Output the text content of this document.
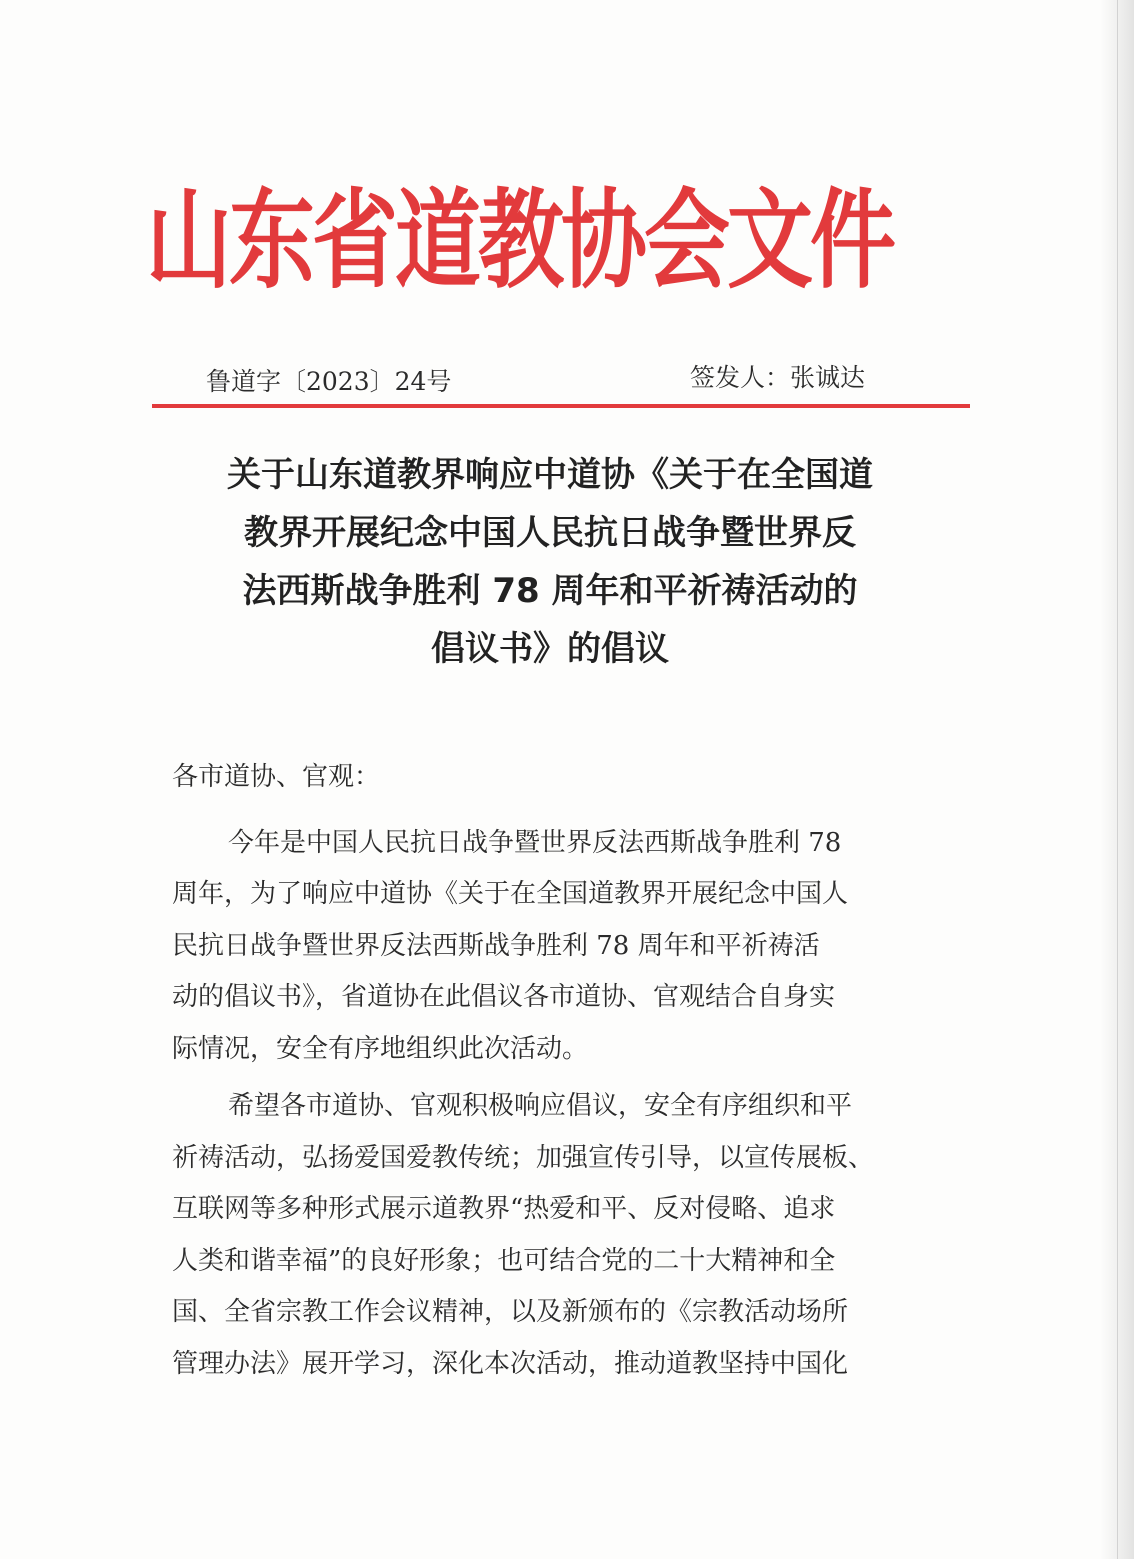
山东省道教协会文件
鲁道字〔2023〕24号	签发人：张诚达
关于山东道教界响应中道协《关于在全国道
教界开展纪念中国人民抗日战争暨世界反
法西斯战争胜利 78 周年和平祈祷活动的
倡议书》的倡议
各市道协、官观：
今年是中国人民抗日战争暨世界反法西斯战争胜利 78
周年，为了响应中道协《关于在全国道教界开展纪念中国人
民抗日战争暨世界反法西斯战争胜利 78 周年和平祈祷活
动的倡议书》，省道协在此倡议各市道协、官观结合自身实
际情况，安全有序地组织此次活动。
希望各市道协、官观积极响应倡议，安全有序组织和平
祈祷活动，弘扬爱国爱教传统；加强宣传引导，以宣传展板、
互联网等多种形式展示道教界“热爱和平、反对侵略、追求
人类和谐幸福”的良好形象；也可结合党的二十大精神和全
国、全省宗教工作会议精神，以及新颁布的《宗教活动场所
管理办法》展开学习，深化本次活动，推动道教坚持中国化
